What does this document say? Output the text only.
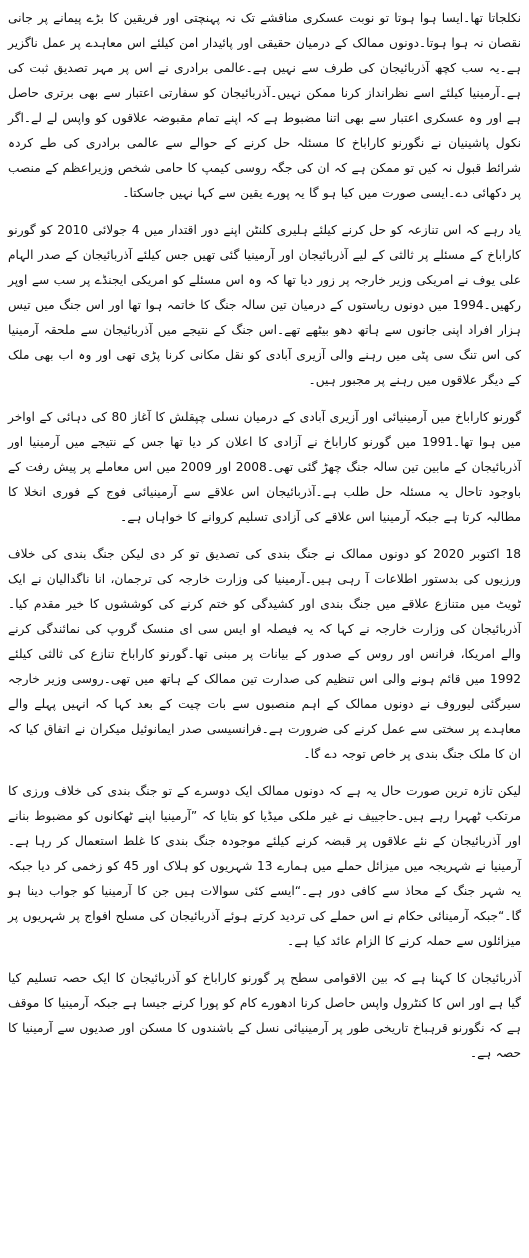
نکلجاتا تھا۔ایسا ہوا ہوتا تو نوبت عسکری مناقشے تک نہ پہنچتی اور فریقین کا بڑے پیمانے پر جانی نقصان نہ ہوا ہوتا۔دونوں ممالک کے درمیان حقیقی اور پائیدار امن کیلئے اس معاہدے پر عمل ناگزیر ہے۔یہ سب کچھ آذربائیجان کی طرف سے نہیں ہے۔عالمی برادری نے اس پر مہر تصدیق ثبت کی ہے۔آرمینیا کیلئے اسے نظرانداز کرنا ممکن نہیں۔آذربائیجان کو سفارتی اعتبار سے بھی برتری حاصل ہے اور وہ عسکری اعتبار سے بھی اتنا مضبوط ہے کہ اپنے تمام مقبوضہ علاقوں کو واپس لے لے۔اگر نکول پاشینیان نے نگورنو کاراباخ کا مسئلہ حل کرنے کے حوالے سے عالمی برادری کی طے کردہ شرائط قبول نہ کیں تو ممکن ہے کہ ان کی جگہ روسی کیمپ کا حامی شخص وزیراعظم کے منصب پر دکھائی دے۔ایسی صورت میں کیا ہو گا یہ پورے یقین سے کہا نہیں جاسکتا۔

یاد رہے کہ اس تنازعہ کو حل کرنے کیلئے ہلیری کلنٹن اپنے دور اقتدار میں 4 جولائی 2010 کو گورنو کاراباخ کے مسئلے پر ثالثی کے لیے آذربائیجان اور آرمینیا گئی تھیں جس کیلئے آذربائیجان کے صدر الہام علی یوف نے امریکی وزیر خارجہ پر زور دیا تھا کہ وہ اس مسئلے کو امریکی ایجنڈے پر سب سے اوپر رکھیں۔1994 میں دونوں ریاستوں کے درمیان تین سالہ جنگ کا خاتمہ ہوا تھا اور اس جنگ میں تیس ہزار افراد اپنی جانوں سے ہاتھ دھو بیٹھے تھے۔اس جنگ کے نتیجے میں آذربائیجان سے ملحقہ آرمینیا کی اس تنگ سی پٹی میں رہنے والی آزیری آبادی کو نقل مکانی کرنا پڑی تھی اور وہ اب بھی ملک کے دیگر علاقوں میں رہنے پر مجبور ہیں۔

گورنو کاراباخ میں آرمینیائی اور آزیری آبادی کے درمیان نسلی چپقلش کا آغاز 80 کی دہائی کے اواخر میں ہوا تھا۔1991 میں گورنو کاراباخ نے آزادی کا اعلان کر دیا تھا جس کے نتیجے میں آرمینیا اور آذربائیجان کے مابین تین سالہ جنگ چھڑ گئی تھی۔2008 اور 2009 میں اس معاملے پر پیش رفت کے باوجود تاحال یہ مسئلہ حل طلب ہے۔آذربائیجان اس علاقے سے آرمینیائی فوج کے فوری انخلا کا مطالبہ کرتا ہے جبکہ آرمینیا اس علاقے کی آزادی تسلیم کروانے کا خواہاں ہے۔

18 اکتوبر 2020 کو دونوں ممالک نے جنگ بندی کی تصدیق تو کر دی لیکن جنگ بندی کی خلاف ورزیوں کی بدستور اطلاعات آ رہی ہیں۔آرمینیا کی وزارت خارجہ کی ترجمان، انا ناگدالیان نے ایک ٹویٹ میں متنازع علاقے میں جنگ بندی اور کشیدگی کو ختم کرنے کی کوششوں کا خیر مقدم کیا۔آذربائیجان کی وزارت خارجہ نے کہا کہ یہ فیصلہ او ایس سی ای منسک گروپ کی نمائندگی کرنے والے امریکا، فرانس اور روس کے صدور کے بیانات پر مبنی تھا۔گورنو کاراباخ تنازع کی ثالثی کیلئے 1992 میں قائم ہونے والی اس تنظیم کی صدارت تین ممالک کے ہاتھ میں تھی۔روسی وزیر خارجہ سیرگئی لیوروف نے دونوں ممالک کے اہم منصبوں سے بات چیت کے بعد کہا کہ انہیں پہلے والے معاہدے پر سختی سے عمل کرنے کی ضرورت ہے۔فرانسیسی صدر ایمانوئیل میکران نے اتفاق کیا کہ ان کا ملک جنگ بندی پر خاص توجہ دے گا۔

لیکن تازہ ترین صورت حال یہ ہے کہ دونوں ممالک ایک دوسرے کے تو جنگ بندی کی خلاف ورزی کا مرتکب ٹھہرا رہے ہیں۔حاجییف نے غیر ملکی میڈیا کو بتایا کہ ”آرمینیا اپنے ٹھکانوں کو مضبوط بنانے اور آذربائیجان کے نئے علاقوں پر قبضہ کرنے کیلئے موجودہ جنگ بندی کا غلط استعمال کر رہا ہے۔آرمینیا نے شہریجہ میں میزائل حملے میں ہمارے 13 شہریوں کو ہلاک اور 45 کو زخمی کر دیا جبکہ یہ شہر جنگ کے محاذ سے کافی دور ہے۔“ایسے کئی سوالات ہیں جن کا آرمینیا کو جواب دینا ہو گا۔“جبکہ آرمینائی حکام نے اس حملے کی تردید کرتے ہوئے آذربائیجان کی مسلح افواج پر شہریوں پر میزائلوں سے حملہ کرنے کا الزام عائد کیا ہے۔

آذربائیجان کا کہنا ہے کہ بین الاقوامی سطح پر گورنو کاراباخ کو آذربائیجان کا ایک حصہ تسلیم کیا گیا ہے اور اس کا کنٹرول واپس حاصل کرنا ادھورے کام کو پورا کرنے جیسا ہے جبکہ آرمینیا کا موقف ہے کہ نگورنو قرہباخ تاریخی طور پر آرمینیائی نسل کے باشندوں کا مسکن اور صدیوں سے آرمینیا کا حصہ ہے۔
